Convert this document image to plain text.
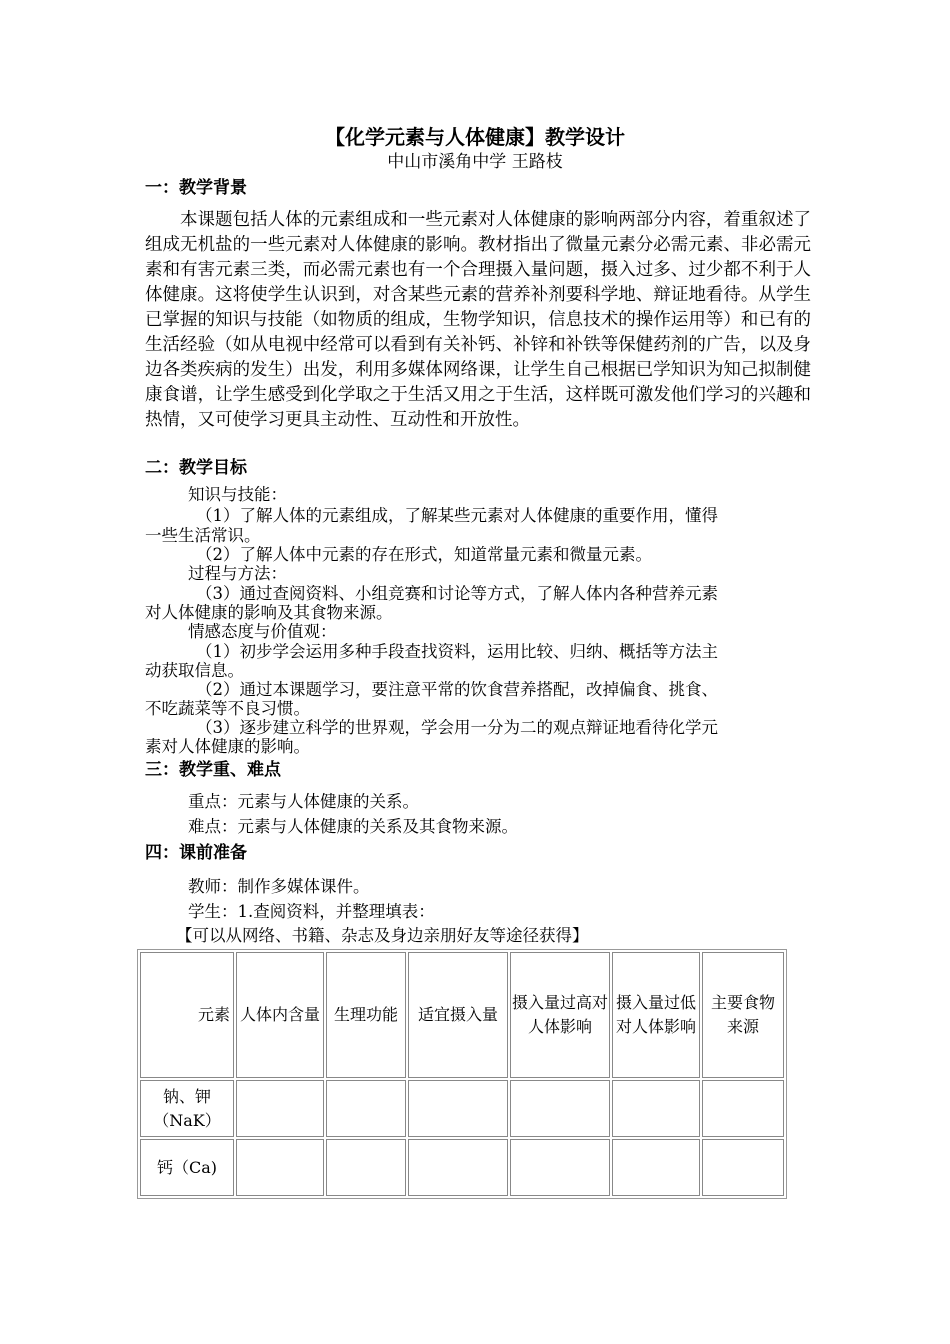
【化学元素与人体健康】教学设计
中山市溪角中学 王路枝
一：教学背景

本课题包括人体的元素组成和一些元素对人体健康的影响两部分内容，着重叙述了组成无机盐的一些元素对人体健康的影响。教材指出了微量元素分必需元素、非必需元素和有害元素三类，而必需元素也有一个合理摄入量问题，摄入过多、过少都不利于人体健康。这将使学生认识到，对含某些元素的营养补剂要科学地、辩证地看待。从学生已掌握的知识与技能（如物质的组成，生物学知识，信息技术的操作运用等）和已有的生活经验（如从电视中经常可以看到有关补钙、补锌和补铁等保健药剂的广告，以及身边各类疾病的发生）出发，利用多媒体网络课，让学生自己根据已学知识为知己拟制健康食谱，让学生感受到化学取之于生活又用之于生活，这样既可激发他们学习的兴趣和热情，又可使学习更具主动性、互动性和开放性。

二：教学目标
知识与技能：
（1）了解人体的元素组成，了解某些元素对人体健康的重要作用，懂得
一些生活常识。
（2）了解人体中元素的存在形式，知道常量元素和微量元素。
过程与方法：
（3）通过查阅资料、小组竞赛和讨论等方式，了解人体内各种营养元素
对人体健康的影响及其食物来源。
情感态度与价值观：
（1）初步学会运用多种手段查找资料，运用比较、归纳、概括等方法主
动获取信息。
（2）通过本课题学习，要注意平常的饮食营养搭配，改掉偏食、挑食、
不吃蔬菜等不良习惯。
（3）逐步建立科学的世界观，学会用一分为二的观点辩证地看待化学元
素对人体健康的影响。
三：教学重、难点
重点：元素与人体健康的关系。
难点：元素与人体健康的关系及其食物来源。
四：课前准备
教师：制作多媒体课件。
学生：1.查阅资料，并整理填表：
【可以从网络、书籍、杂志及身边亲朋好友等途径获得】
元素	人体内含量	生理功能	适宜摄入量	摄入量过高对人体影响	摄入量过低对人体影响	主要食物来源
钠、钾（NaK）						
钙（Ca)						
